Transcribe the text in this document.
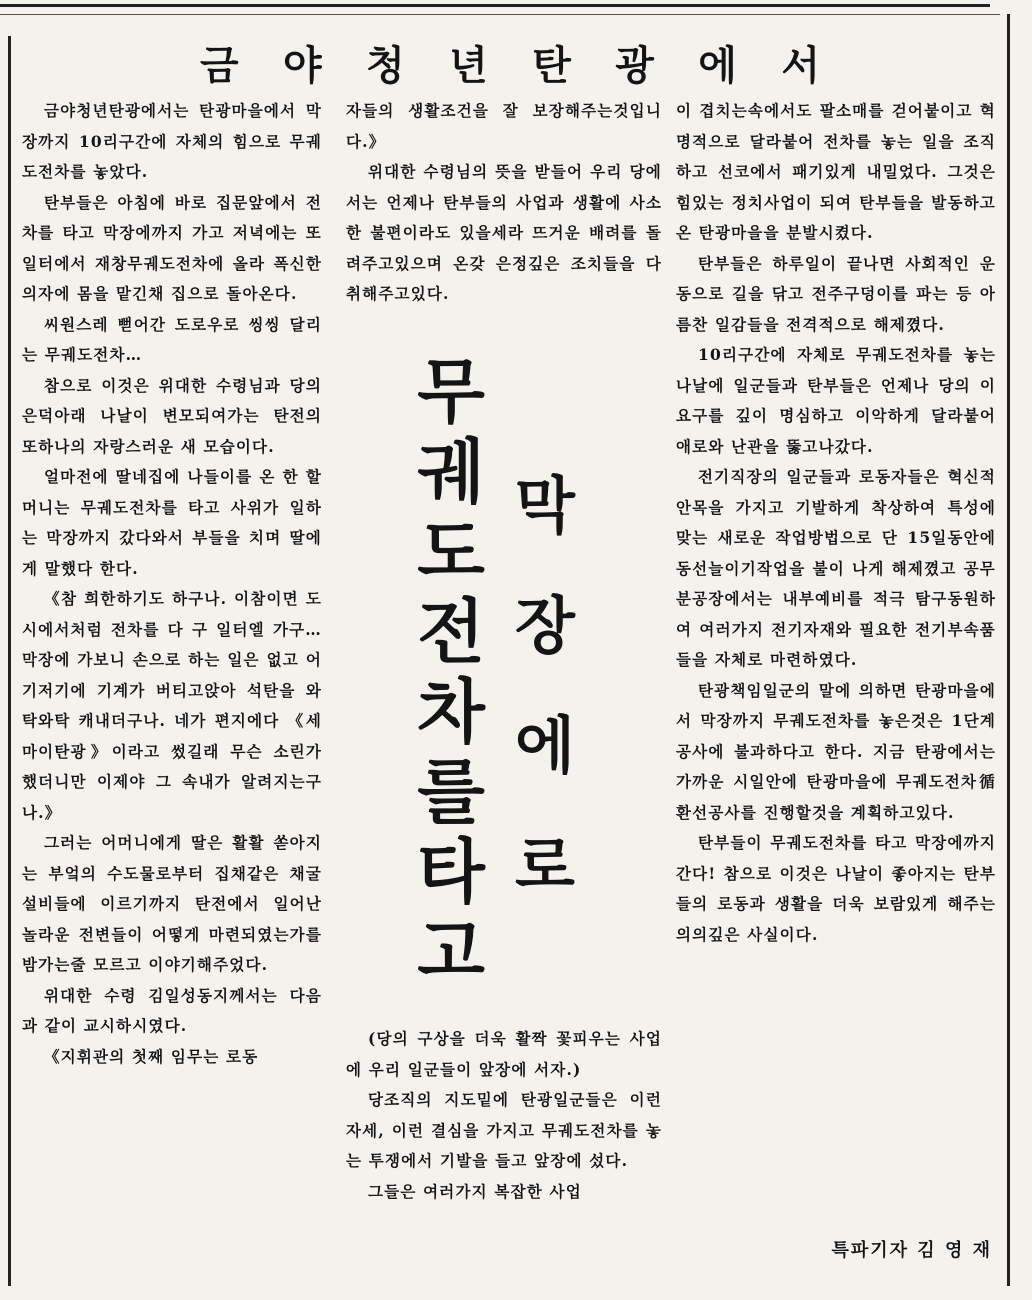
금 야 청 년 탄 광 에 서

금야청년탄광에서는 탄광마을에서 막장까지 10리구간에 자체의 힘으로 무궤도전차를 놓았다.

탄부들은 아침에 바로 집문앞에서 전차를 타고 막장에까지 가고 저녁에는 또 일터에서 재창무궤도전차에 올라 폭신한 의자에 몸을 맡긴채 집으로 돌아온다.

씨원스레 뻗어간 도로우로 씽씽 달리는 무궤도전차…

참으로 이것은 위대한 수령님과 당의 은덕아래 나날이 변모되여가는 탄전의 또하나의 자랑스러운 새 모습이다.

얼마전에 딸네집에 나들이를 온 한 할머니는 무궤도전차를 타고 사위가 일하는 막장까지 갔다와서 부들을 치며 딸에게 말했다 한다.

《참 희한하기도 하구나. 이참이면 도시에서처럼 전차를 다 구 일터엘 가구… 막장에 가보니 손으로 하는 일은 없고 어기저기에 기계가 버티고앉아 석탄을 와탁와탁 캐내더구나. 네가 편지에다 《세마이탄광》이라고 썼길래 무슨 소린가 했더니만 이제야 그 속내가 알려지는구나.》

그러는 어머니에게 딸은 활활 쏟아지는 부엌의 수도물로부터 집채같은 채굴설비들에 이르기까지 탄전에서 일어난 놀라운 전변들이 어떻게 마련되였는가를 밤가는줄 모르고 이야기해주었다.

위대한 수령 김일성동지께서는 다음과 같이 교시하시였다.

《지휘관의 첫째 임무는 로동

자들의 생활조건을 잘 보장해주는것입니다.》

위대한 수령님의 뜻을 받들어 우리 당에서는 언제나 탄부들의 사업과 생활에 사소한 불편이라도 있을세라 뜨거운 배려를 돌려주고있으며 온갖 은정깊은 조치들을 다 취해주고있다.

무
궤
도
전
차
를
타
고
막
장
에
로

(당의 구상을 더욱 활짝 꽃피우는 사업에 우리 일군들이 앞장에 서자.)

당조직의 지도밑에 탄광일군들은 이런 자세, 이런 결심을 가지고 무궤도전차를 놓는 투쟁에서 기발을 들고 앞장에 섰다.

그들은 여러가지 복잡한 사업

이 겹치는속에서도 팔소매를 걷어붙이고 혁명적으로 달라붙어 전차를 놓는 일을 조직하고 선코에서 패기있게 내밀었다. 그것은 힘있는 정치사업이 되여 탄부들을 발동하고 온 탄광마을을 분발시켰다.

탄부들은 하루일이 끝나면 사회적인 운동으로 길을 닦고 전주구덩이를 파는 등 아름찬 일감들을 전격적으로 해제꼈다.

10리구간에 자체로 무궤도전차를 놓는 나날에 일군들과 탄부들은 언제나 당의 이 요구를 깊이 명심하고 이악하게 달라붙어 애로와 난관을 뚫고나갔다.

전기직장의 일군들과 로동자들은 혁신적안목을 가지고 기발하게 착상하여 특성에 맞는 새로운 작업방법으로 단 15일동안에 동선늘이기작업을 불이 나게 해제꼈고 공무분공장에서는 내부예비를 적극 탐구동원하여 여러가지 전기자재와 필요한 전기부속품들을 자체로 마련하였다.

탄광책임일군의 말에 의하면 탄광마을에서 막장까지 무궤도전차를 놓은것은 1단계공사에 불과하다고 한다. 지금 탄광에서는 가까운 시일안에 탄광마을에 무궤도전차循환선공사를 진행할것을 계획하고있다.

탄부들이 무궤도전차를 타고 막장에까지 간다! 참으로 이것은 나날이 좋아지는 탄부들의 로동과 생활을 더욱 보람있게 해주는 의의깊은 사실이다.

특파기자 김 영 재
